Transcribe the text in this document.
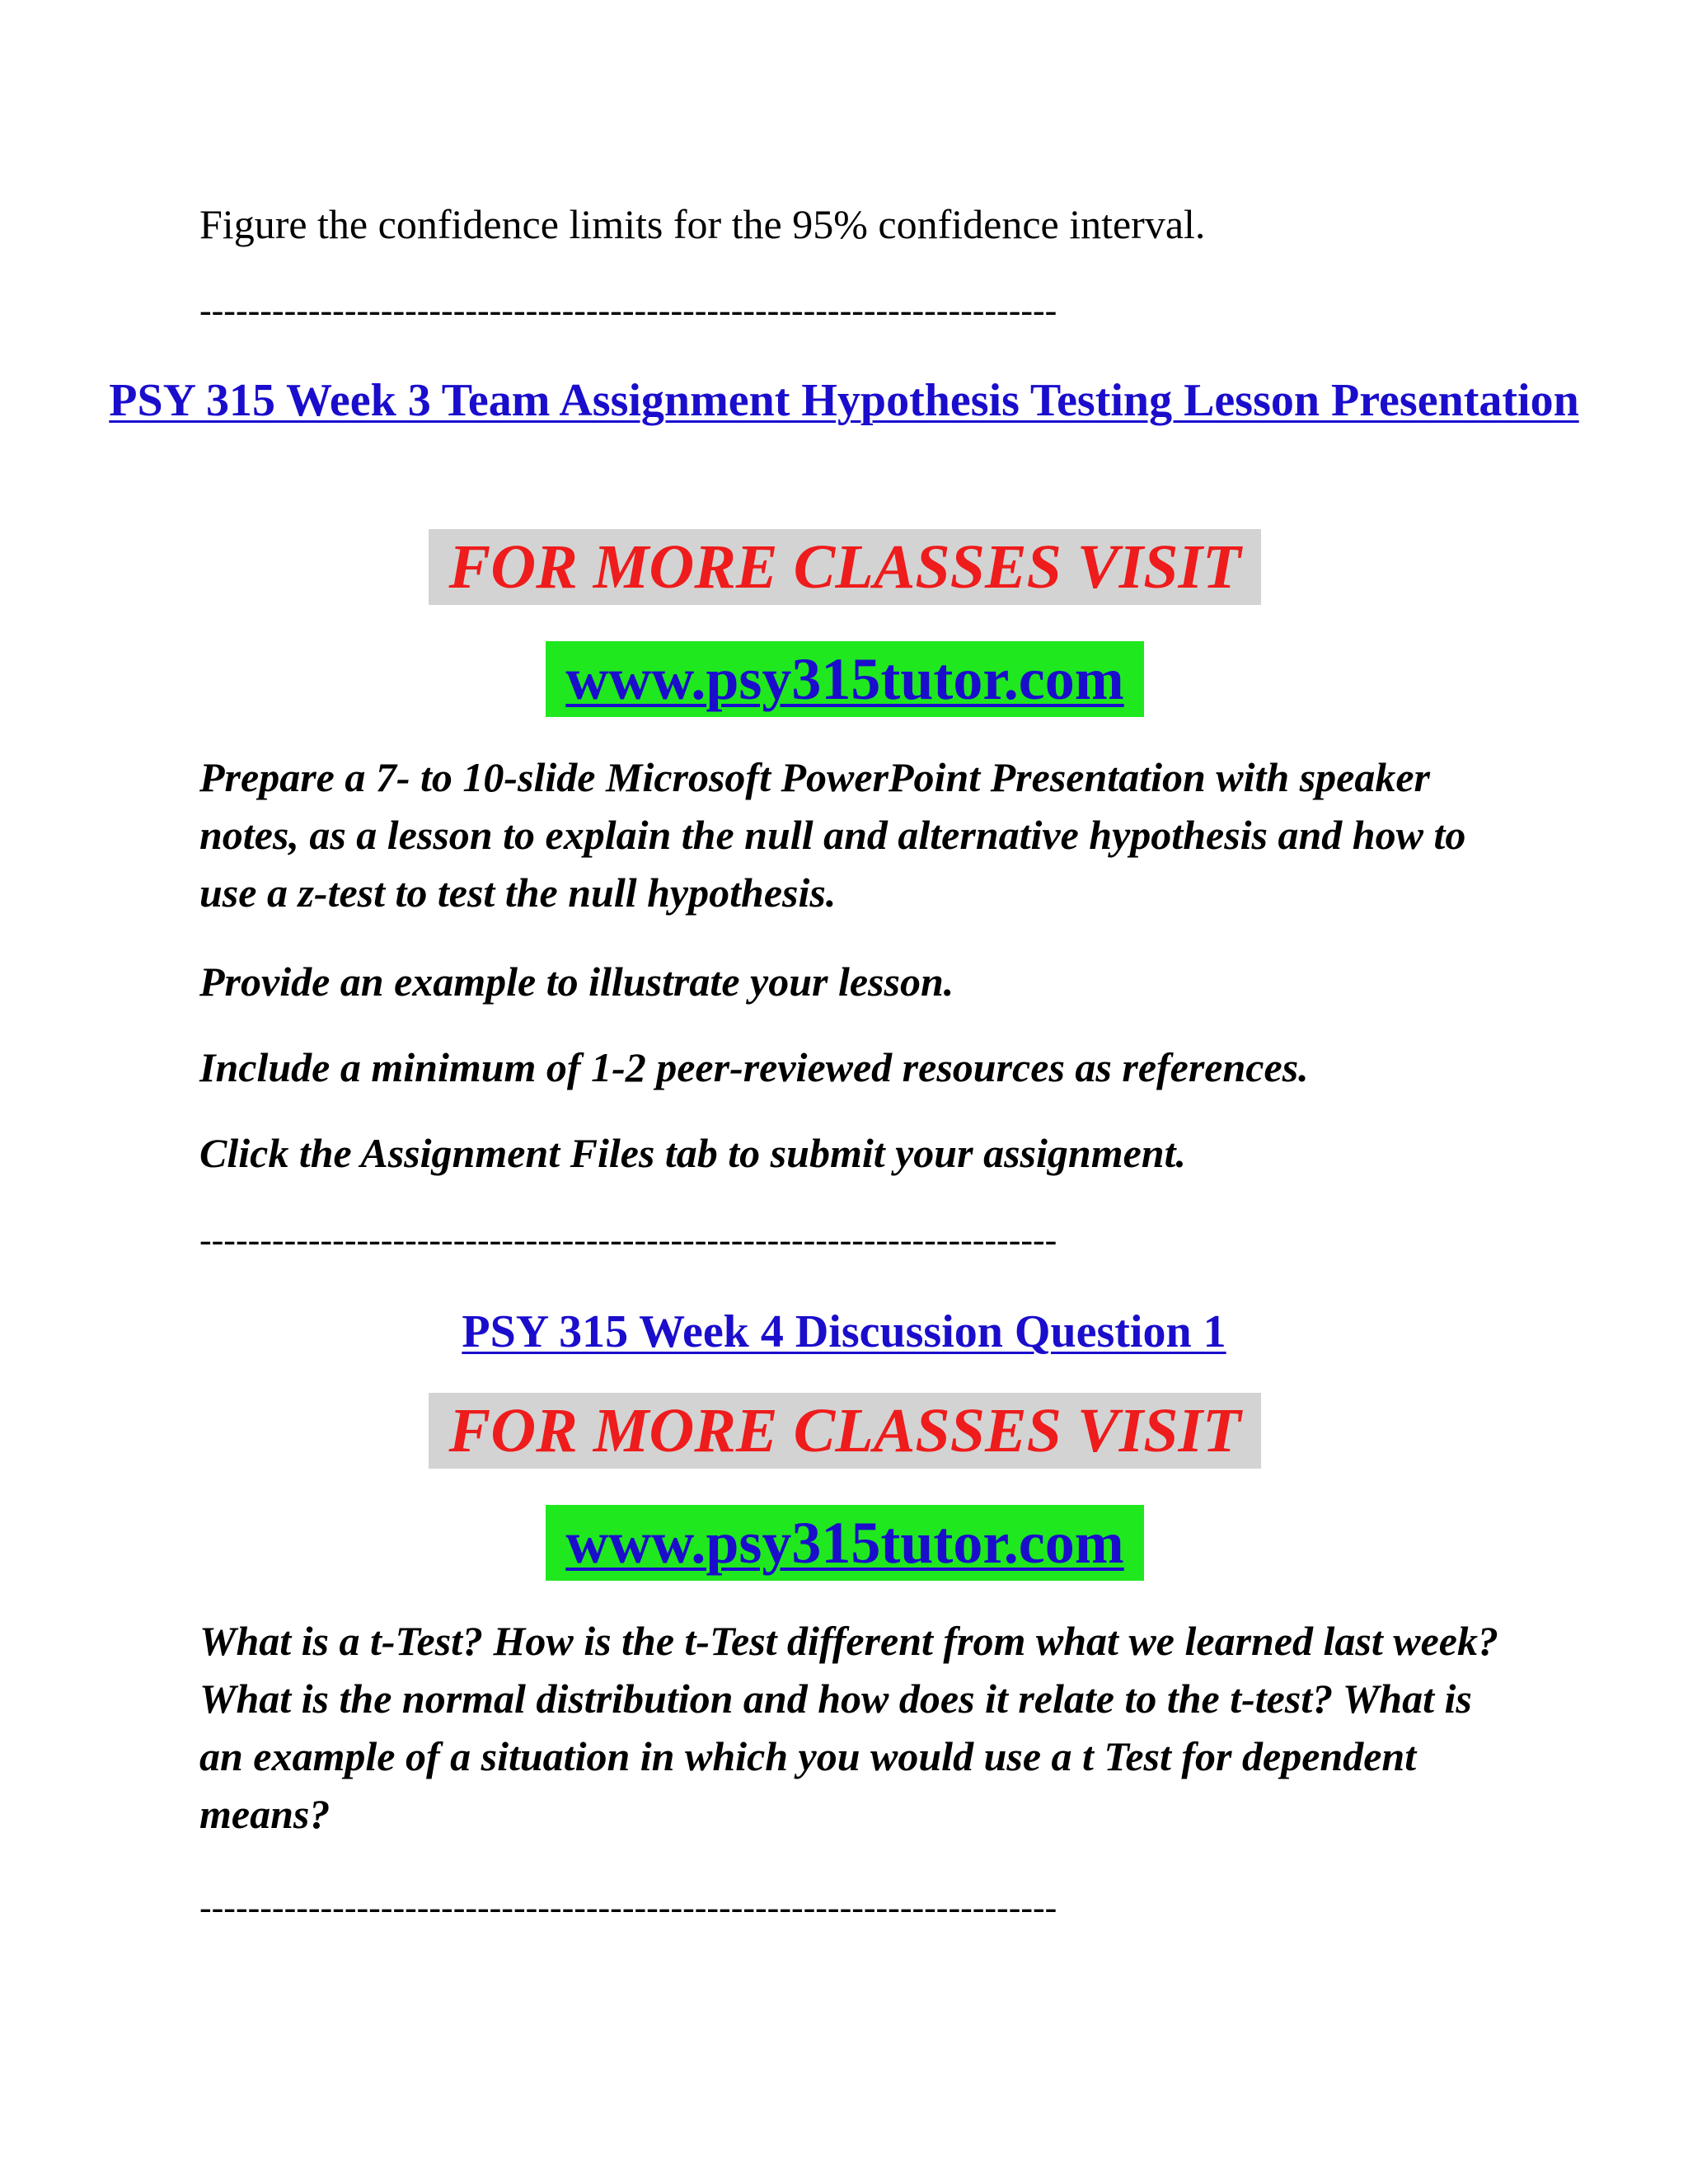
Figure the confidence limits for the 95% confidence interval.
-----------------------------------------------------------------------
PSY 315 Week 3 Team Assignment Hypothesis Testing Lesson Presentation
FOR MORE CLASSES VISIT
www.psy315tutor.com
Prepare a 7- to 10-slide Microsoft PowerPoint Presentation with speaker notes, as a lesson to explain the null and alternative hypothesis and how to use a z-test to test the null hypothesis.
Provide an example to illustrate your lesson.
Include a minimum of 1-2 peer-reviewed resources as references.
Click the Assignment Files tab to submit your assignment.
-----------------------------------------------------------------------
PSY 315 Week 4 Discussion Question 1
FOR MORE CLASSES VISIT
www.psy315tutor.com
What is a t-Test? How is the t-Test different from what we learned last week? What is the normal distribution and how does it relate to the t-test? What is an example of a situation in which you would use a t Test for dependent means?
-----------------------------------------------------------------------
